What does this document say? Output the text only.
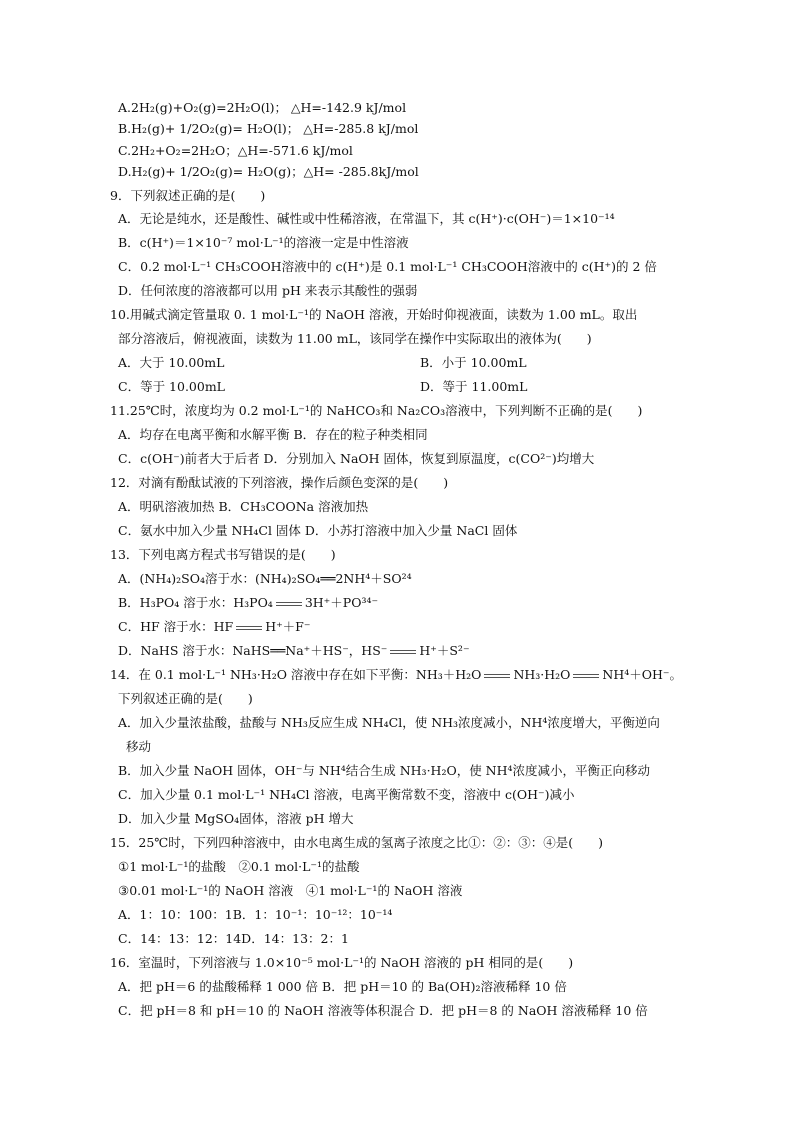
A.2H₂(g)+O₂(g)=2H₂O(l)； △H=-142.9 kJ/mol
B.H₂(g)+ 1/2O₂(g)= H₂O(l)； △H=-285.8 kJ/mol
C.2H₂+O₂=2H₂O；△H=-571.6 kJ/mol
D.H₂(g)+ 1/2O₂(g)= H₂O(g)；△H= -285.8kJ/mol
9．下列叙述正确的是(　　)
A．无论是纯水，还是酸性、碱性或中性稀溶液，在常温下，其 c(H⁺)·c(OH⁻)＝1×10⁻¹⁴
B．c(H⁺)＝1×10⁻⁷ mol·L⁻¹的溶液一定是中性溶液
C．0.2 mol·L⁻¹ CH₃COOH溶液中的 c(H⁺)是 0.1 mol·L⁻¹ CH₃COOH溶液中的 c(H⁺)的 2 倍
D．任何浓度的溶液都可以用 pH 来表示其酸性的强弱
10.用碱式滴定管量取 0. 1 mol·L⁻¹的 NaOH 溶液，开始时仰视液面，读数为 1.00 mL。取出
部分溶液后，俯视液面，读数为 11.00 mL，该同学在操作中实际取出的液体为(　　)
A．大于 10.00mL	B．小于 10.00mL
C．等于 10.00mL	D．等于 11.00mL
11.25℃时，浓度均为 0.2 mol·L⁻¹的 NaHCO₃和 Na₂CO₃溶液中，下列判断不正确的是(　　)
A．均存在电离平衡和水解平衡 B．存在的粒子种类相同
C．c(OH⁻)前者大于后者 D．分别加入 NaOH 固体，恢复到原温度，c(CO²⁻)均增大
12．对滴有酚酞试液的下列溶液，操作后颜色变深的是(　　)
A．明矾溶液加热 B．CH₃COONa 溶液加热
C．氨水中加入少量 NH₄Cl 固体 D．小苏打溶液中加入少量 NaCl 固体
13．下列电离方程式书写错误的是(　　)
A．(NH₄)₂SO₄溶于水：(NH₄)₂SO₄══2NH⁴＋SO²⁴
B．H₃PO₄ 溶于水：H₃PO₄	3H⁺＋PO³⁴⁻
C．HF 溶于水：HF	H⁺＋F⁻
D．NaHS 溶于水：NaHS══Na⁺＋HS⁻，HS⁻	H⁺＋S²⁻
14．在 0.1 mol·L⁻¹ NH₃·H₂O 溶液中存在如下平衡：NH₃＋H₂O	NH₃·H₂O	NH⁴＋OH⁻。
下列叙述正确的是(　　)
A．加入少量浓盐酸，盐酸与 NH₃反应生成 NH₄Cl，使 NH₃浓度减小，NH⁴浓度增大，平衡逆向
移动
B．加入少量 NaOH 固体，OH⁻与 NH⁴结合生成 NH₃·H₂O，使 NH⁴浓度减小，平衡正向移动
C．加入少量 0.1 mol·L⁻¹ NH₄Cl 溶液，电离平衡常数不变，溶液中 c(OH⁻)减小
D．加入少量 MgSO₄固体，溶液 pH 增大
15．25℃时，下列四种溶液中，由水电离生成的氢离子浓度之比①：②：③：④是(　　)
①1 mol·L⁻¹的盐酸　②0.1 mol·L⁻¹的盐酸
③0.01 mol·L⁻¹的 NaOH 溶液　④1 mol·L⁻¹的 NaOH 溶液
A．1：10：100：1B．1：10⁻¹：10⁻¹²：10⁻¹⁴
C．14：13：12：14D．14：13：2：1
16．室温时，下列溶液与 1.0×10⁻⁵ mol·L⁻¹的 NaOH 溶液的 pH 相同的是(　　)
A．把 pH＝6 的盐酸稀释 1 000 倍 B．把 pH＝10 的 Ba(OH)₂溶液稀释 10 倍
C．把 pH＝8 和 pH＝10 的 NaOH 溶液等体积混合 D．把 pH＝8 的 NaOH 溶液稀释 10 倍
